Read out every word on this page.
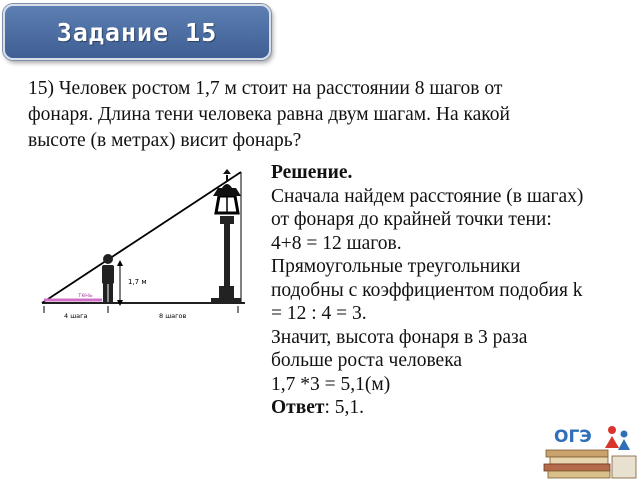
Задание 15
15) Человек ростом 1,7 м стоит на расстоянии 8 шагов от
фонаря. Длина тени человека равна двум шагам. На какой
высоте (в метрах) висит фонарь?
1,7 м
тень
4 шага	8 шагов
Решение.
Сначала найдем расстояние (в шагах)
от фонаря до крайней точки тени:
4+8 = 12 шагов.
Прямоугольные треугольники
подобны с коэффициентом подобия k
= 12 : 4 = 3.
Значит, высота фонаря в 3 раза
больше роста человека
1,7 *3 = 5,1(м)
Ответ: 5,1.
ОГЭ
